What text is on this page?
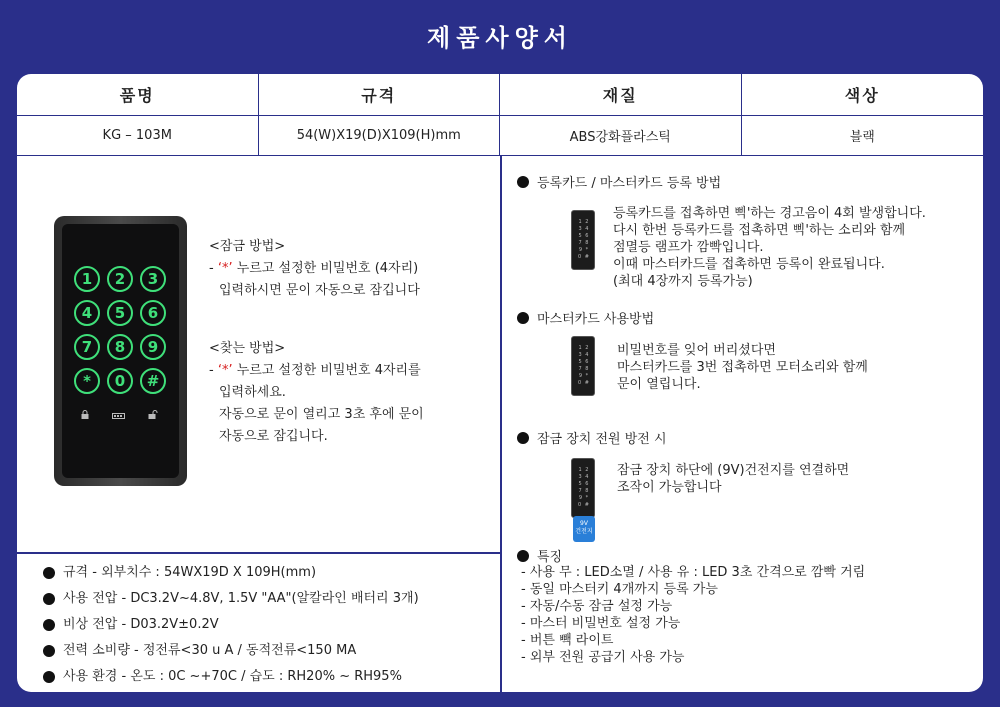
제품사양서
품명	규격	재질	색상
KG – 103M	54(W)X19(D)X109(H)mm	ABS강화플라스틱	블랙
1	2	3
4	5	6
7	8	9
*	0	#
<잠금 방법>
- ‘*’ 누르고 설정한 비밀번호 (4자리)
입력하시면 문이 자동으로 잠깁니다
<찾는 방법>
- ‘*’ 누르고 설정한 비밀번호 4자리를
입력하세요.
자동으로 문이 열리고 3초 후에 문이
자동으로 잠깁니다.
규격 - 외부치수 : 54WX19D X 109H(mm)
사용 전압 - DC3.2V~4.8V, 1.5V "AA"(알칼라인 배터리 3개)
비상 전압 - D03.2V±0.2V
전력 소비량 - 정전류<30 u A / 동적전류<150 MA
사용 환경 - 온도 : 0C ~+70C / 습도 : RH20% ~ RH95%
등록카드 / 마스터카드 등록 방법
1 2 3 4 5 6 7 8 9 * 0 #
등록카드를 접촉하면 삑'하는 경고음이 4회 발생합니다.
다시 한번 등록카드를 접촉하면 삑'하는 소리와 함께
점멸등 램프가 깜빡입니다.
이때 마스터카드를 접촉하면 등록이 완료됩니다.
(최대 4장까지 등록가능)
마스터카드 사용방법
1 2 3 4 5 6 7 8 9 * 0 #
비밀번호를 잊어 버리셨다면
마스터카드를 3번 접촉하면 모터소리와 함께
문이 열립니다.
잠금 장치 전원 방전 시
1 2 3 4 5 6 7 8 9 * 0 #
9V
건전지
잠금 장치 하단에 (9V)건전지를 연결하면
조작이 가능합니다
특징
- 사용 무 : LED소멸 / 사용 유 : LED 3초 간격으로 깜빡 거림
- 동일 마스터키 4개까지 등록 가능
- 자동/수동 잠금 설정 가능
- 마스터 비밀번호 설정 가능
- 버튼 빽 라이트
- 외부 전원 공급기 사용 가능
